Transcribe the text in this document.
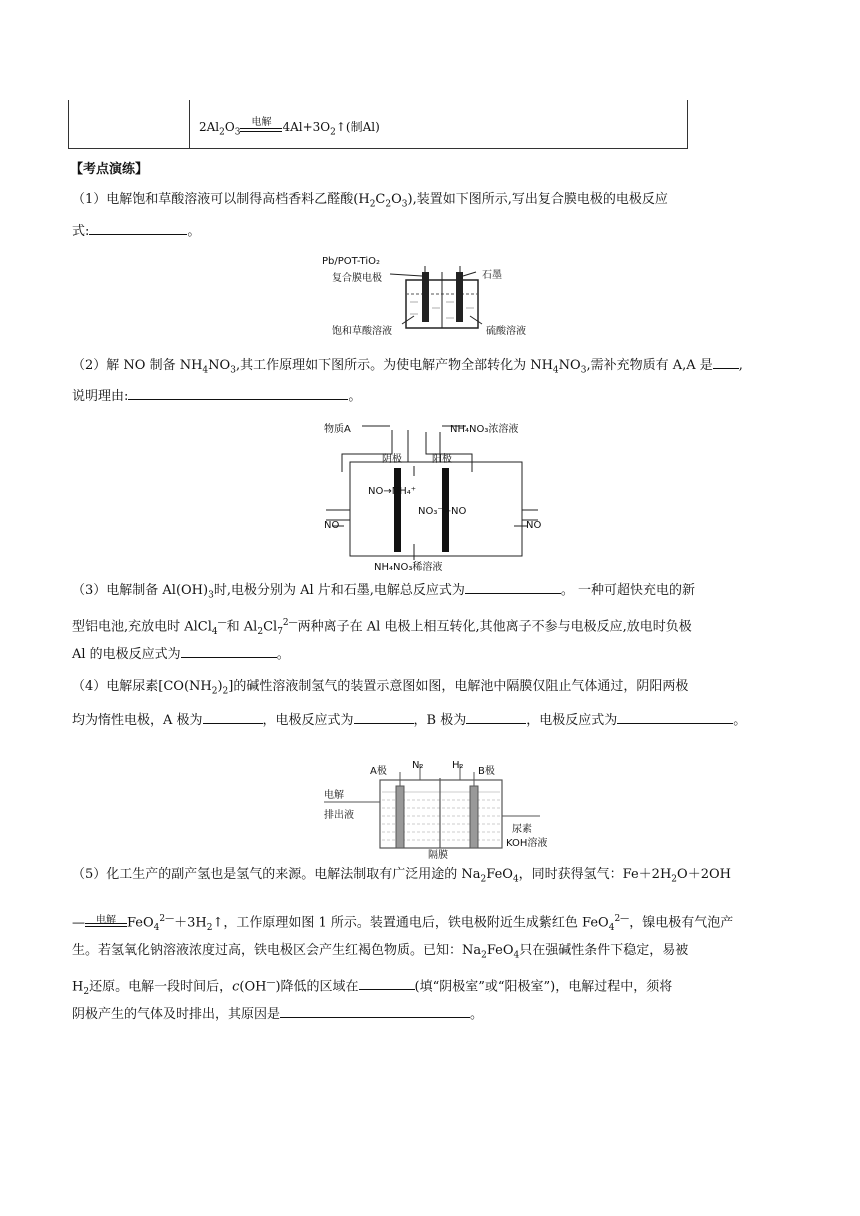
$2Al_2O_3$
电解 $4Al+3O_2↑$(制Al)
【考点演练】
（1）电解饱和草酸溶液可以制得高档香料乙醛酸$(H_2C_2O_3)$,装置如下图所示,写出复合膜电极的电极反应
式:	。
Pb/POT-TiO₂
复合膜电极	石墨
饱和草酸溶液	硫酸溶液
（2）解 NO 制备 $NH_4NO_3$,其工作原理如下图所示。为使电解产物全部转化为 $NH_4NO_3$,需补充物质有 A,A 是 ,
说明理由:	。
物质A	NH₄NO₃浓溶液
阴极	阳极
NO→NH₄⁺
NO₃⁻←NO
NO	NO
NH₄NO₃稀溶液
（3）电解制备 $Al(OH)_3$时,电极分别为 Al 片和石墨,电解总反应式为	。 一种可超快充电的新
型铝电池,充放电时 AlCl$_4$—和 $Al_2Cl_7^{2—}$两种离子在 Al 电极上相互转化,其他离子不参与电极反应,放电时负极
Al 的电极反应式为	。
（4）电解尿素$[CO(NH_2)_2]$的碱性溶液制氢气的装置示意图如图，电解池中隔膜仅阻止气体通过，阴阳两极
均为惰性电极，A 极为	，电极反应式为	，B 极为	，电极反应式为	。
A极
N₂	H₂
B极
电解
排出液
尿素
KOH溶液
隔膜
（5）化工生产的副产氢也是氢气的来源。电解法制取有广泛用途的 $Na_2FeO_4$，同时获得氢气：$Fe+2H_2O+2OH$
—	电解 $FeO_4^{2—}+3H_2↑$，工作原理如图 1 所示。装置通电后，铁电极附近生成紫红色 FeO$_4^{2—}$，镍电极有气泡产
生。若氢氧化钠溶液浓度过高，铁电极区会产生红褐色物质。已知：$Na_2FeO_4$只在强碱性条件下稳定，易被
$H_2$还原。电解一段时间后，c(OH—)降低的区域在	(填“阴极室”或“阳极室”)，电解过程中，须将
阴极产生的气体及时排出，其原因是	。
